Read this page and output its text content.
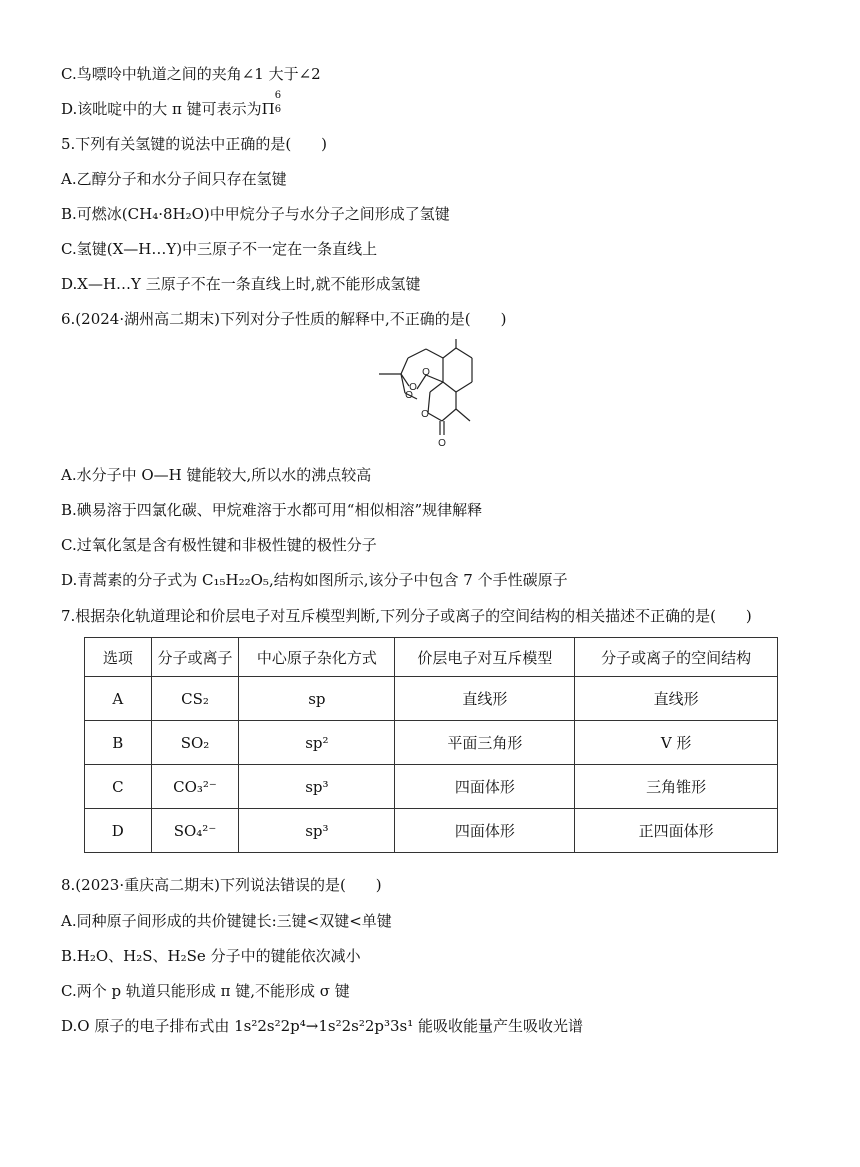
C.鸟嘌呤中轨道之间的夹角∠1 大于∠2
D.该吡啶中的大 π 键可表示为Π
6
6
5.下列有关氢键的说法中正确的是(　　)
A.乙醇分子和水分子间只存在氢键
B.可燃冰(CH₄·8H₂O)中甲烷分子与水分子之间形成了氢键
C.氢键(X—H…Y)中三原子不一定在一条直线上
D.X—H…Y 三原子不在一条直线上时,就不能形成氢键
6.(2024·湖州高二期末)下列对分子性质的解释中,不正确的是(　　)
O
O
O
O
O
A.水分子中 O—H 键能较大,所以水的沸点较高
B.碘易溶于四氯化碳、甲烷难溶于水都可用“相似相溶”规律解释
C.过氧化氢是含有极性键和非极性键的极性分子
D.青蒿素的分子式为 C₁₅H₂₂O₅,结构如图所示,该分子中包含 7 个手性碳原子
7.根据杂化轨道理论和价层电子对互斥模型判断,下列分子或离子的空间结构的相关描述不正确的是(　　)
选项	分子或离子	中心原子杂化方式	价层电子对互斥模型	分子或离子的空间结构
A	CS₂	sp	直线形	直线形
B	SO₂	sp²	平面三角形	V 形
C	CO₃²⁻	sp³	四面体形	三角锥形
D	SO₄²⁻	sp³	四面体形	正四面体形
8.(2023·重庆高二期末)下列说法错误的是(　　)
A.同种原子间形成的共价键键长:三键<双键<单键
B.H₂O、H₂S、H₂Se 分子中的键能依次减小
C.两个 p 轨道只能形成 π 键,不能形成 σ 键
D.O 原子的电子排布式由 1s²2s²2p⁴→1s²2s²2p³3s¹ 能吸收能量产生吸收光谱
